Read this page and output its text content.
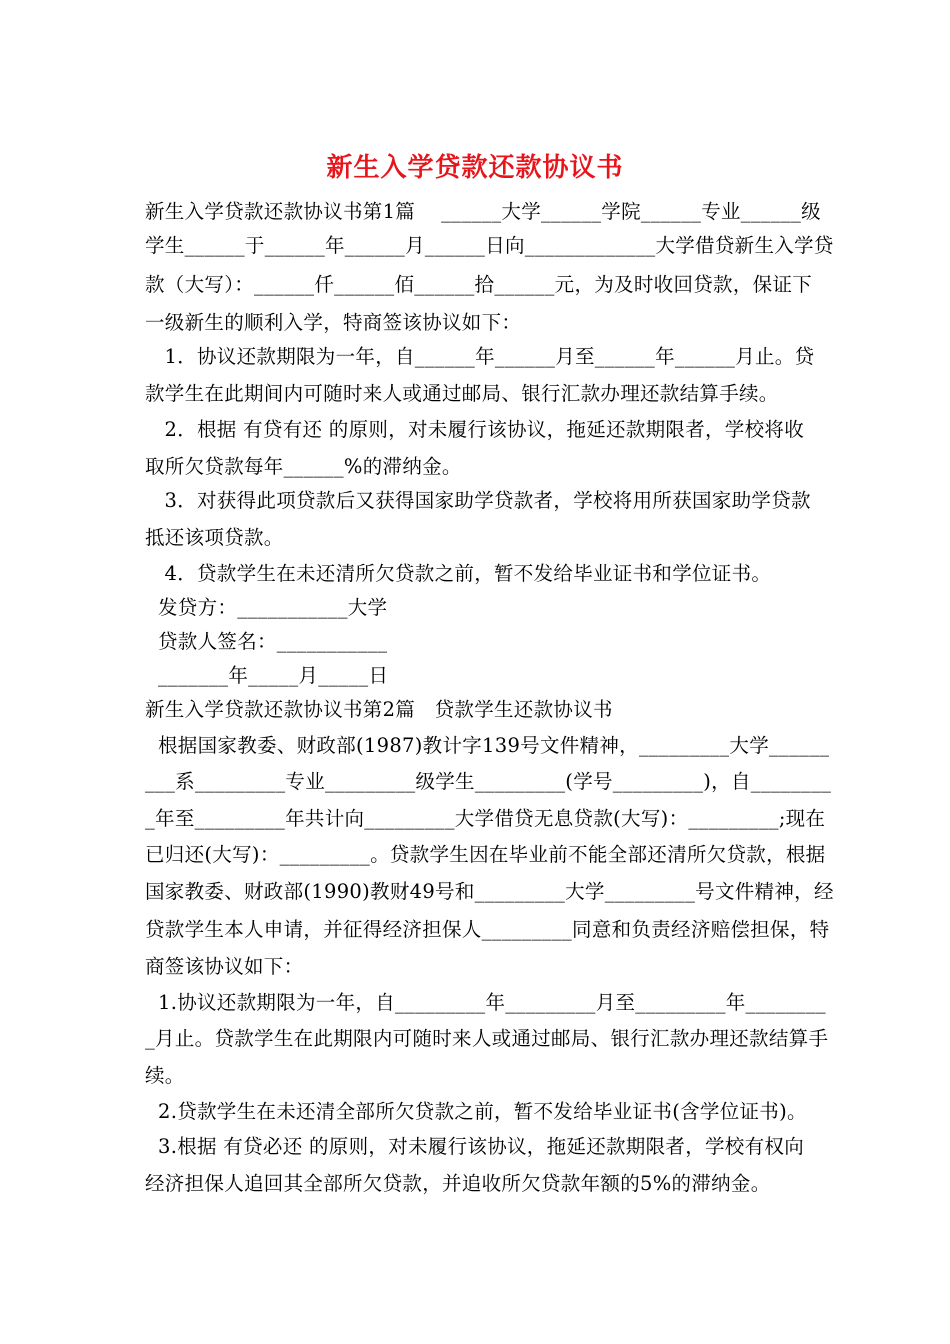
新生入学贷款还款协议书
新生入学贷款还款协议书第1篇    ______大学______学院______专业______级
学生______于______年______月______日向_____________大学借贷新生入学贷
款（大写）：______仟______佰______拾______元，为及时收回贷款，保证下
一级新生的顺利入学，特商签该协议如下：
1．协议还款期限为一年，自______年______月至______年______月止。贷
款学生在此期间内可随时来人或通过邮局、银行汇款办理还款结算手续。
2．根据 有贷有还 的原则，对未履行该协议，拖延还款期限者，学校将收
取所欠贷款每年______%的滞纳金。
3．对获得此项贷款后又获得国家助学贷款者，学校将用所获国家助学贷款
抵还该项贷款。
4．贷款学生在未还清所欠贷款之前，暂不发给毕业证书和学位证书。
发贷方：___________大学
贷款人签名：___________
_______年_____月_____日
新生入学贷款还款协议书第2篇   贷款学生还款协议书
根据国家教委、财政部(1987)教计字139号文件精神，_________大学______
___系_________专业_________级学生_________(学号_________)，自________
_年至_________年共计向_________大学借贷无息贷款(大写)：_________;现在
已归还(大写)：_________。贷款学生因在毕业前不能全部还清所欠贷款，根据
国家教委、财政部(1990)教财49号和_________大学_________号文件精神，经
贷款学生本人申请，并征得经济担保人_________同意和负责经济赔偿担保，特
商签该协议如下：
1.协议还款期限为一年，自_________年_________月至_________年________
_月止。贷款学生在此期限内可随时来人或通过邮局、银行汇款办理还款结算手
续。
2.贷款学生在未还清全部所欠贷款之前，暂不发给毕业证书(含学位证书)。
3.根据 有贷必还 的原则，对未履行该协议，拖延还款期限者，学校有权向
经济担保人追回其全部所欠贷款，并追收所欠贷款年额的5%的滞纳金。
